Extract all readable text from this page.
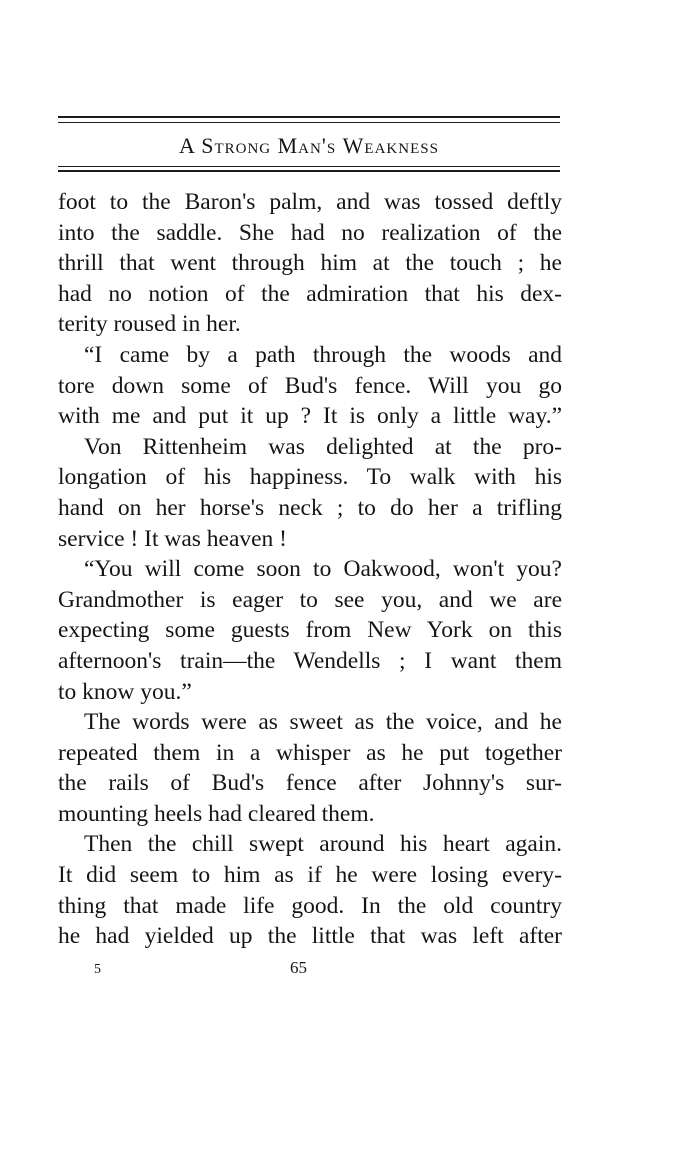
A Strong Man's Weakness
foot to the Baron's palm, and was tossed deftly
into the saddle. She had no realization of the
thrill that went through him at the touch ; he
had no notion of the admiration that his dex-
terity roused in her.
“I came by a path through the woods and
tore down some of Bud's fence. Will you go
with me and put it up ? It is only a little way.”
Von Rittenheim was delighted at the pro-
longation of his happiness. To walk with his
hand on her horse's neck ; to do her a trifling
service ! It was heaven !
“You will come soon to Oakwood, won't you?
Grandmother is eager to see you, and we are
expecting some guests from New York on this
afternoon's train—the Wendells ; I want them
to know you.”
The words were as sweet as the voice, and he
repeated them in a whisper as he put together
the rails of Bud's fence after Johnny's sur-
mounting heels had cleared them.
Then the chill swept around his heart again.
It did seem to him as if he were losing every-
thing that made life good. In the old country
he had yielded up the little that was left after
5	65
